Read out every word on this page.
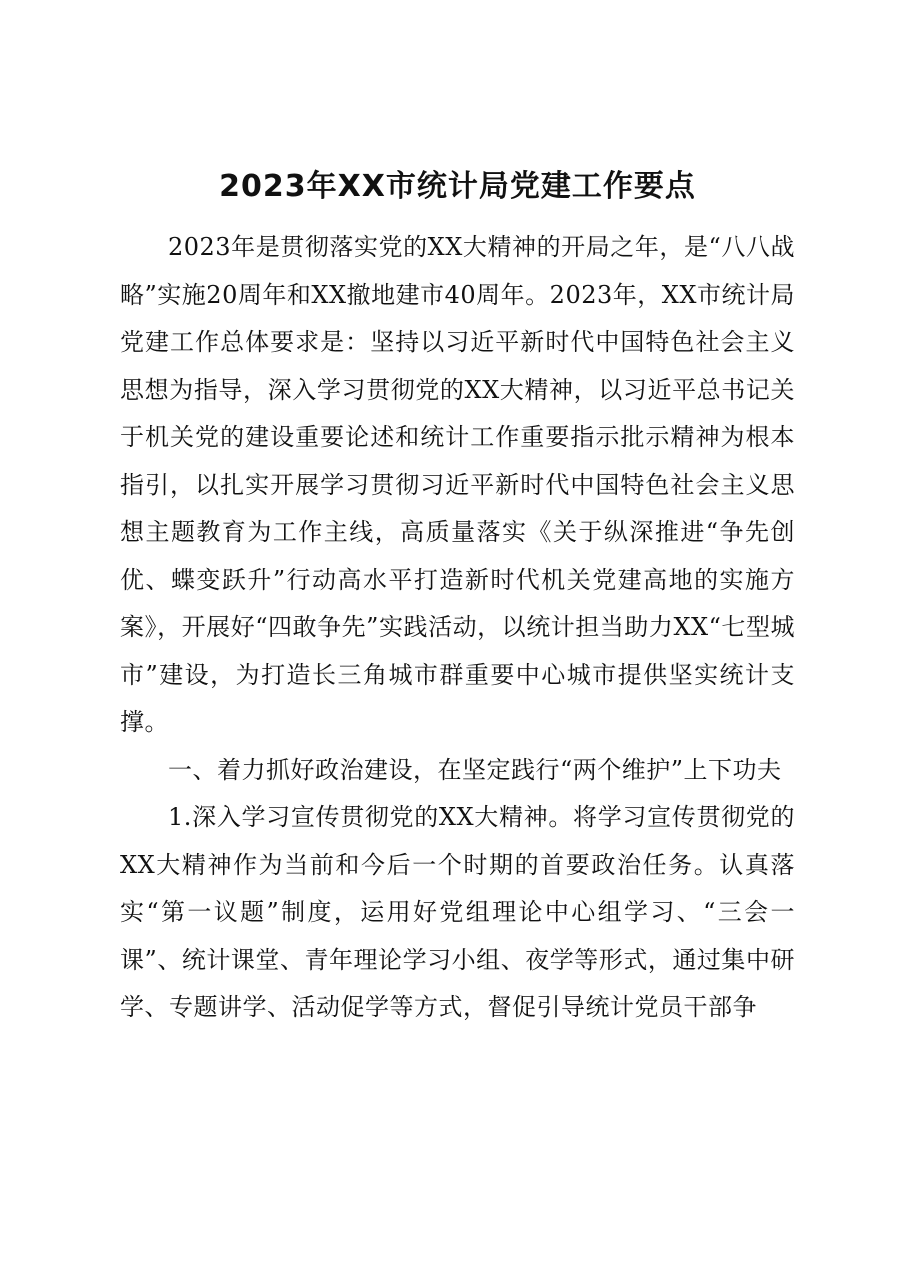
2023年XX市统计局党建工作要点

2023年是贯彻落实党的XX大精神的开局之年，是“八八战略”实施20周年和XX撤地建市40周年。2023年，XX市统计局党建工作总体要求是：坚持以习近平新时代中国特色社会主义思想为指导，深入学习贯彻党的XX大精神，以习近平总书记关于机关党的建设重要论述和统计工作重要指示批示精神为根本指引，以扎实开展学习贯彻习近平新时代中国特色社会主义思想主题教育为工作主线，高质量落实《关于纵深推进“争先创优、蝶变跃升”行动高水平打造新时代机关党建高地的实施方案》，开展好“四敢争先”实践活动，以统计担当助力XX“七型城市”建设，为打造长三角城市群重要中心城市提供坚实统计支撑。

一、着力抓好政治建设，在坚定践行“两个维护”上下功夫

1.深入学习宣传贯彻党的XX大精神。将学习宣传贯彻党的XX大精神作为当前和今后一个时期的首要政治任务。认真落实“第一议题”制度，运用好党组理论中心组学习、“三会一课”、统计课堂、青年理论学习小组、夜学等形式，通过集中研学、专题讲学、活动促学等方式，督促引导统计党员干部争
